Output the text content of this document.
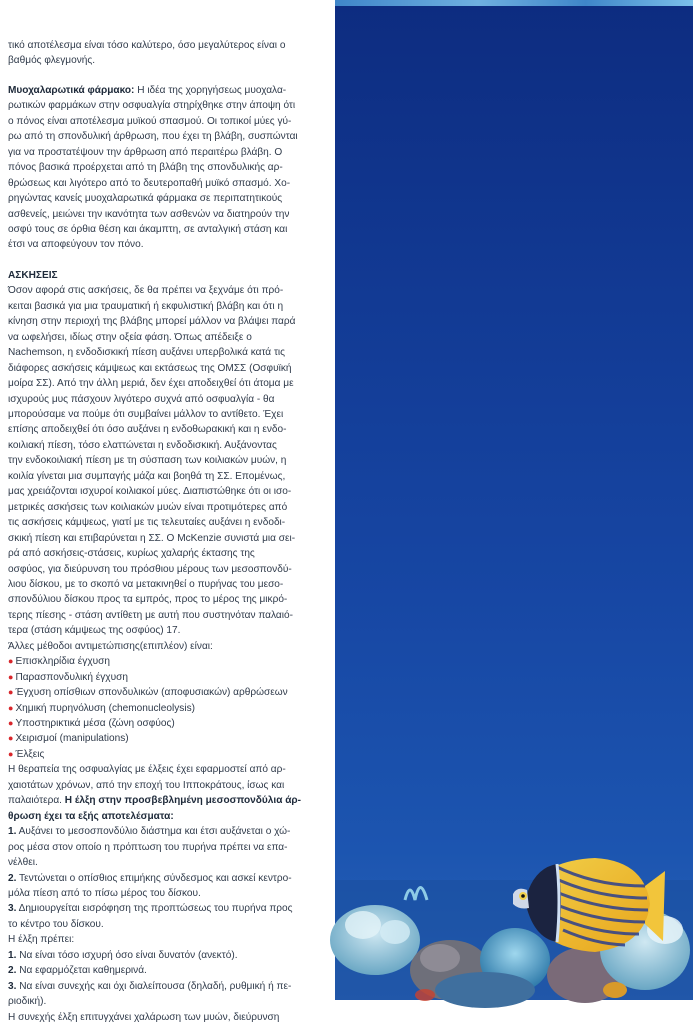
τικό αποτέλεσμα είναι τόσο καλύτερο, όσο μεγαλύτερος είναι ο

βαθμός φλεγμονής.

Μυοχαλαρωτικά φάρμακο: Η ιδέα της χορηγήσεως μυοχαλα-

ρωτικών φαρμάκων στην οσφυαλγία στηρίχθηκε στην άποψη ότι

ο πόνος είναι αποτέλεσμα μυϊκού σπασμού. Οι τοπικοί μύες γύ-

ρω από τη σπονδυλική άρθρωση, που έχει τη βλάβη, συσπώνται

για να προστατέψουν την άρθρωση από περαιτέρω βλάβη. Ο

πόνος βασικά προέρχεται από τη βλάβη της σπονδυλικής αρ-

θρώσεως και λιγότερο από το δευτεροπαθή μυϊκό σπασμό. Χο-

ρηγώντας κανείς μυοχαλαρωτικά φάρμακα σε περιπατητικούς

ασθενείς, μειώνει την ικανότητα των ασθενών να διατηρούν την

οσφύ τους σε όρθια θέση και άκαμπτη, σε ανταλγική στάση και

έτσι να αποφεύγουν τον πόνο.

ΑΣΚΗΣΕΙΣ

Όσον αφορά στις ασκήσεις, δε θα πρέπει να ξεχνάμε ότι πρό-

κειται βασικά για μια τραυματική ή εκφυλιστική βλάβη και ότι η

κίνηση στην περιοχή της βλάβης μπορεί μάλλον να βλάψει παρά

να ωφελήσει, ιδίως στην οξεία φάση. Όπως απέδειξε ο

Nachemson, η ενδοδισκική πίεση αυξάνει υπερβολικά κατά τις

διάφορες ασκήσεις κάμψεως και εκτάσεως της ΟΜΣΣ (Οσφυϊκή

μοίρα ΣΣ). Από την άλλη μεριά, δεν έχει αποδειχθεί ότι άτομα με

ισχυρούς μυς πάσχουν λιγότερο συχνά από οσφυαλγία - θα

μπορούσαμε να πούμε ότι συμβαίνει μάλλον το αντίθετο. Έχει

επίσης αποδειχθεί ότι όσο αυξάνει η ενδοθωρακική και η ενδο-

κοιλιακή πίεση, τόσο ελαττώνεται η ενδοδισκική. Αυξάνοντας

την ενδοκοιλιακή πίεση με τη σύσπαση των κοιλιακών μυών, η

κοιλία γίνεται μια συμπαγής μάζα και βοηθά τη ΣΣ. Επομένως,

μας χρειάζονται ισχυροί κοιλιακοί μύες. Διαπιστώθηκε ότι οι ισο-

μετρικές ασκήσεις των κοιλιακών μυών είναι προτιμότερες από

τις ασκήσεις κάμψεως, γιατί με τις τελευταίες αυξάνει η ενδοδι-

σκική πίεση και επιβαρύνεται η ΣΣ. Ο McKenzie συνιστά μια σει-

ρά από ασκήσεις-στάσεις, κυρίως χαλαρής έκτασης της

οσφύος, για διεύρυνση του πρόσθιου μέρους των μεσοσπονδύ-

λιου δίσκου, με το σκοπό να μετακινηθεί ο πυρήνας του μεσο-

σπονδύλιου δίσκου προς τα εμπρός, προς το μέρος της μικρό-

τερης πίεσης - στάση αντίθετη με αυτή που συστηνόταν παλαιό-

τερα (στάση κάμψεως της οσφύος) 17.

Άλλες μέθοδοι αντιμετώπισης(επιπλέον) είναι:

● Επισκληρίδια έγχυση

● Παρασπονδυλική έγχυση

● Έγχυση οπίσθιων σπονδυλικών (αποφυσιακών) αρθρώσεων

● Χημική πυρηνόλυση (chemonucleolysis)

● Υποστηρικτικά μέσα (ζώνη οσφύος)

● Χειρισμοί (manipulations)

● Έλξεις

Η θεραπεία της οσφυαλγίας με έλξεις έχει εφαρμοστεί από αρ-

χαιοτάτων χρόνων, από την εποχή του Ιπποκράτους, ίσως και

παλαιότερα. Η έλξη στην προσβεβλημένη μεσοσπονδύλια άρ-

θρωση έχει τα εξής αποτελέσματα:

1. Αυξάνει το μεσοσπονδύλιο διάστημα και έτσι αυξάνεται ο χώ-

ρος μέσα στον οποίο η πρόπτωση του πυρήνα πρέπει να επα-

νέλθει.

2. Τεντώνεται ο οπίσθιος επιμήκης σύνδεσμος και ασκεί κεντρο-

μόλα πίεση από το πίσω μέρος του δίσκου.

3. Δημιουργείται εισρόφηση της προπτώσεως του πυρήνα προς

το κέντρο του δίσκου.

Η έλξη πρέπει:

1. Να είναι τόσο ισχυρή όσο είναι δυνατόν (ανεκτό).

2. Να εφαρμόζεται καθημερινά.

3. Να είναι συνεχής και όχι διαλείπουσα (δηλαδή, ρυθμική ή πε-

ριοδική).

Η συνεχής έλξη επιτυγχάνει χαλάρωση των μυών, διεύρυνση
